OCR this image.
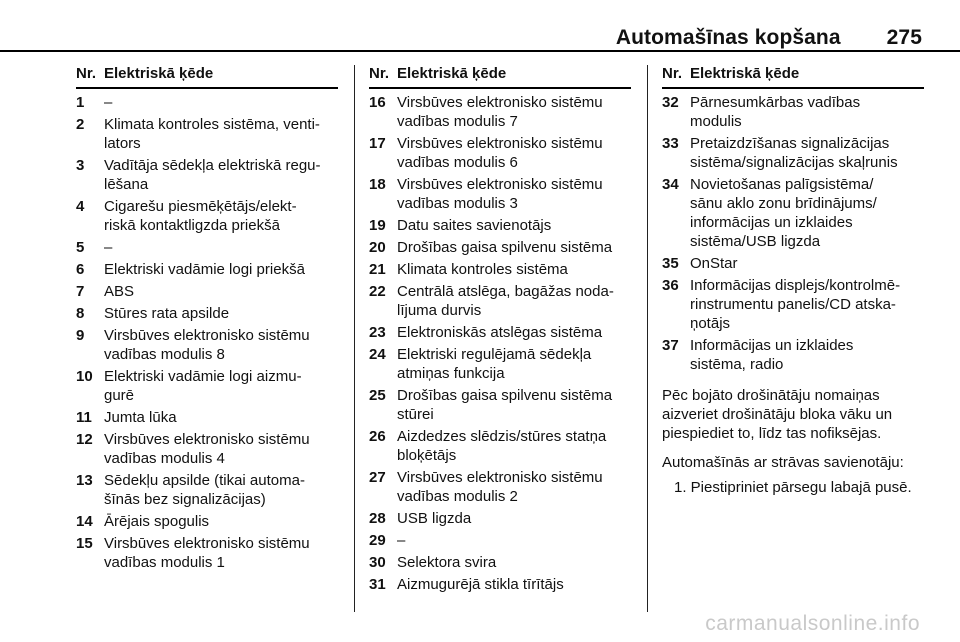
Automašīnas kopšana 275
Nr. Elektriskā ķēde
1	–
2	Klimata kontroles sistēma, venti-
lators
3	Vadītāja sēdekļa elektriskā regu-
lēšana
4	Cigarešu piesmēķētājs/elekt-
riskā kontaktligzda priekšā
5	–
6	Elektriski vadāmie logi priekšā
7	ABS
8	Stūres rata apsilde
9	Virsbūves elektronisko sistēmu
vadības modulis 8
10 Elektriski vadāmie logi aizmu-
gurē
11 Jumta lūka
12 Virsbūves elektronisko sistēmu
vadības modulis 4
13 Sēdekļu apsilde (tikai automa-
šīnās bez signalizācijas)
14 Ārējais spogulis
15 Virsbūves elektronisko sistēmu
vadības modulis 1
Nr. Elektriskā ķēde
16 Virsbūves elektronisko sistēmu
vadības modulis 7
17 Virsbūves elektronisko sistēmu
vadības modulis 6
18 Virsbūves elektronisko sistēmu
vadības modulis 3
19 Datu saites savienotājs
20 Drošības gaisa spilvenu sistēma
21 Klimata kontroles sistēma
22 Centrālā atslēga, bagāžas noda-
lījuma durvis
23 Elektroniskās atslēgas sistēma
24 Elektriski regulējamā sēdekļa
atmiņas funkcija
25 Drošības gaisa spilvenu sistēma
stūrei
26 Aizdedzes slēdzis/stūres statņa
bloķētājs
27 Virsbūves elektronisko sistēmu
vadības modulis 2
28 USB ligzda
29 –
30 Selektora svira
31 Aizmugurējā stikla tīrītājs
Nr. Elektriskā ķēde
32 Pārnesumkārbas vadības
modulis
33 Pretaizdzīšanas signalizācijas
sistēma/signalizācijas skaļrunis
34 Novietošanas palīgsistēma/
sānu aklo zonu brīdinājums/
informācijas un izklaides
sistēma/USB ligzda
35 OnStar
36 Informācijas displejs/kontrolmē-
rinstrumentu panelis/CD atska-
ņotājs
37 Informācijas un izklaides
sistēma, radio
Pēc bojāto drošinātāju nomaiņas
aizveriet drošinātāju bloka vāku un
piespiediet to, līdz tas nofiksējas.
Automašīnās ar strāvas savienotāju:
1. Piestipriniet pārsegu labajā pusē.
carmanualsonline.info
